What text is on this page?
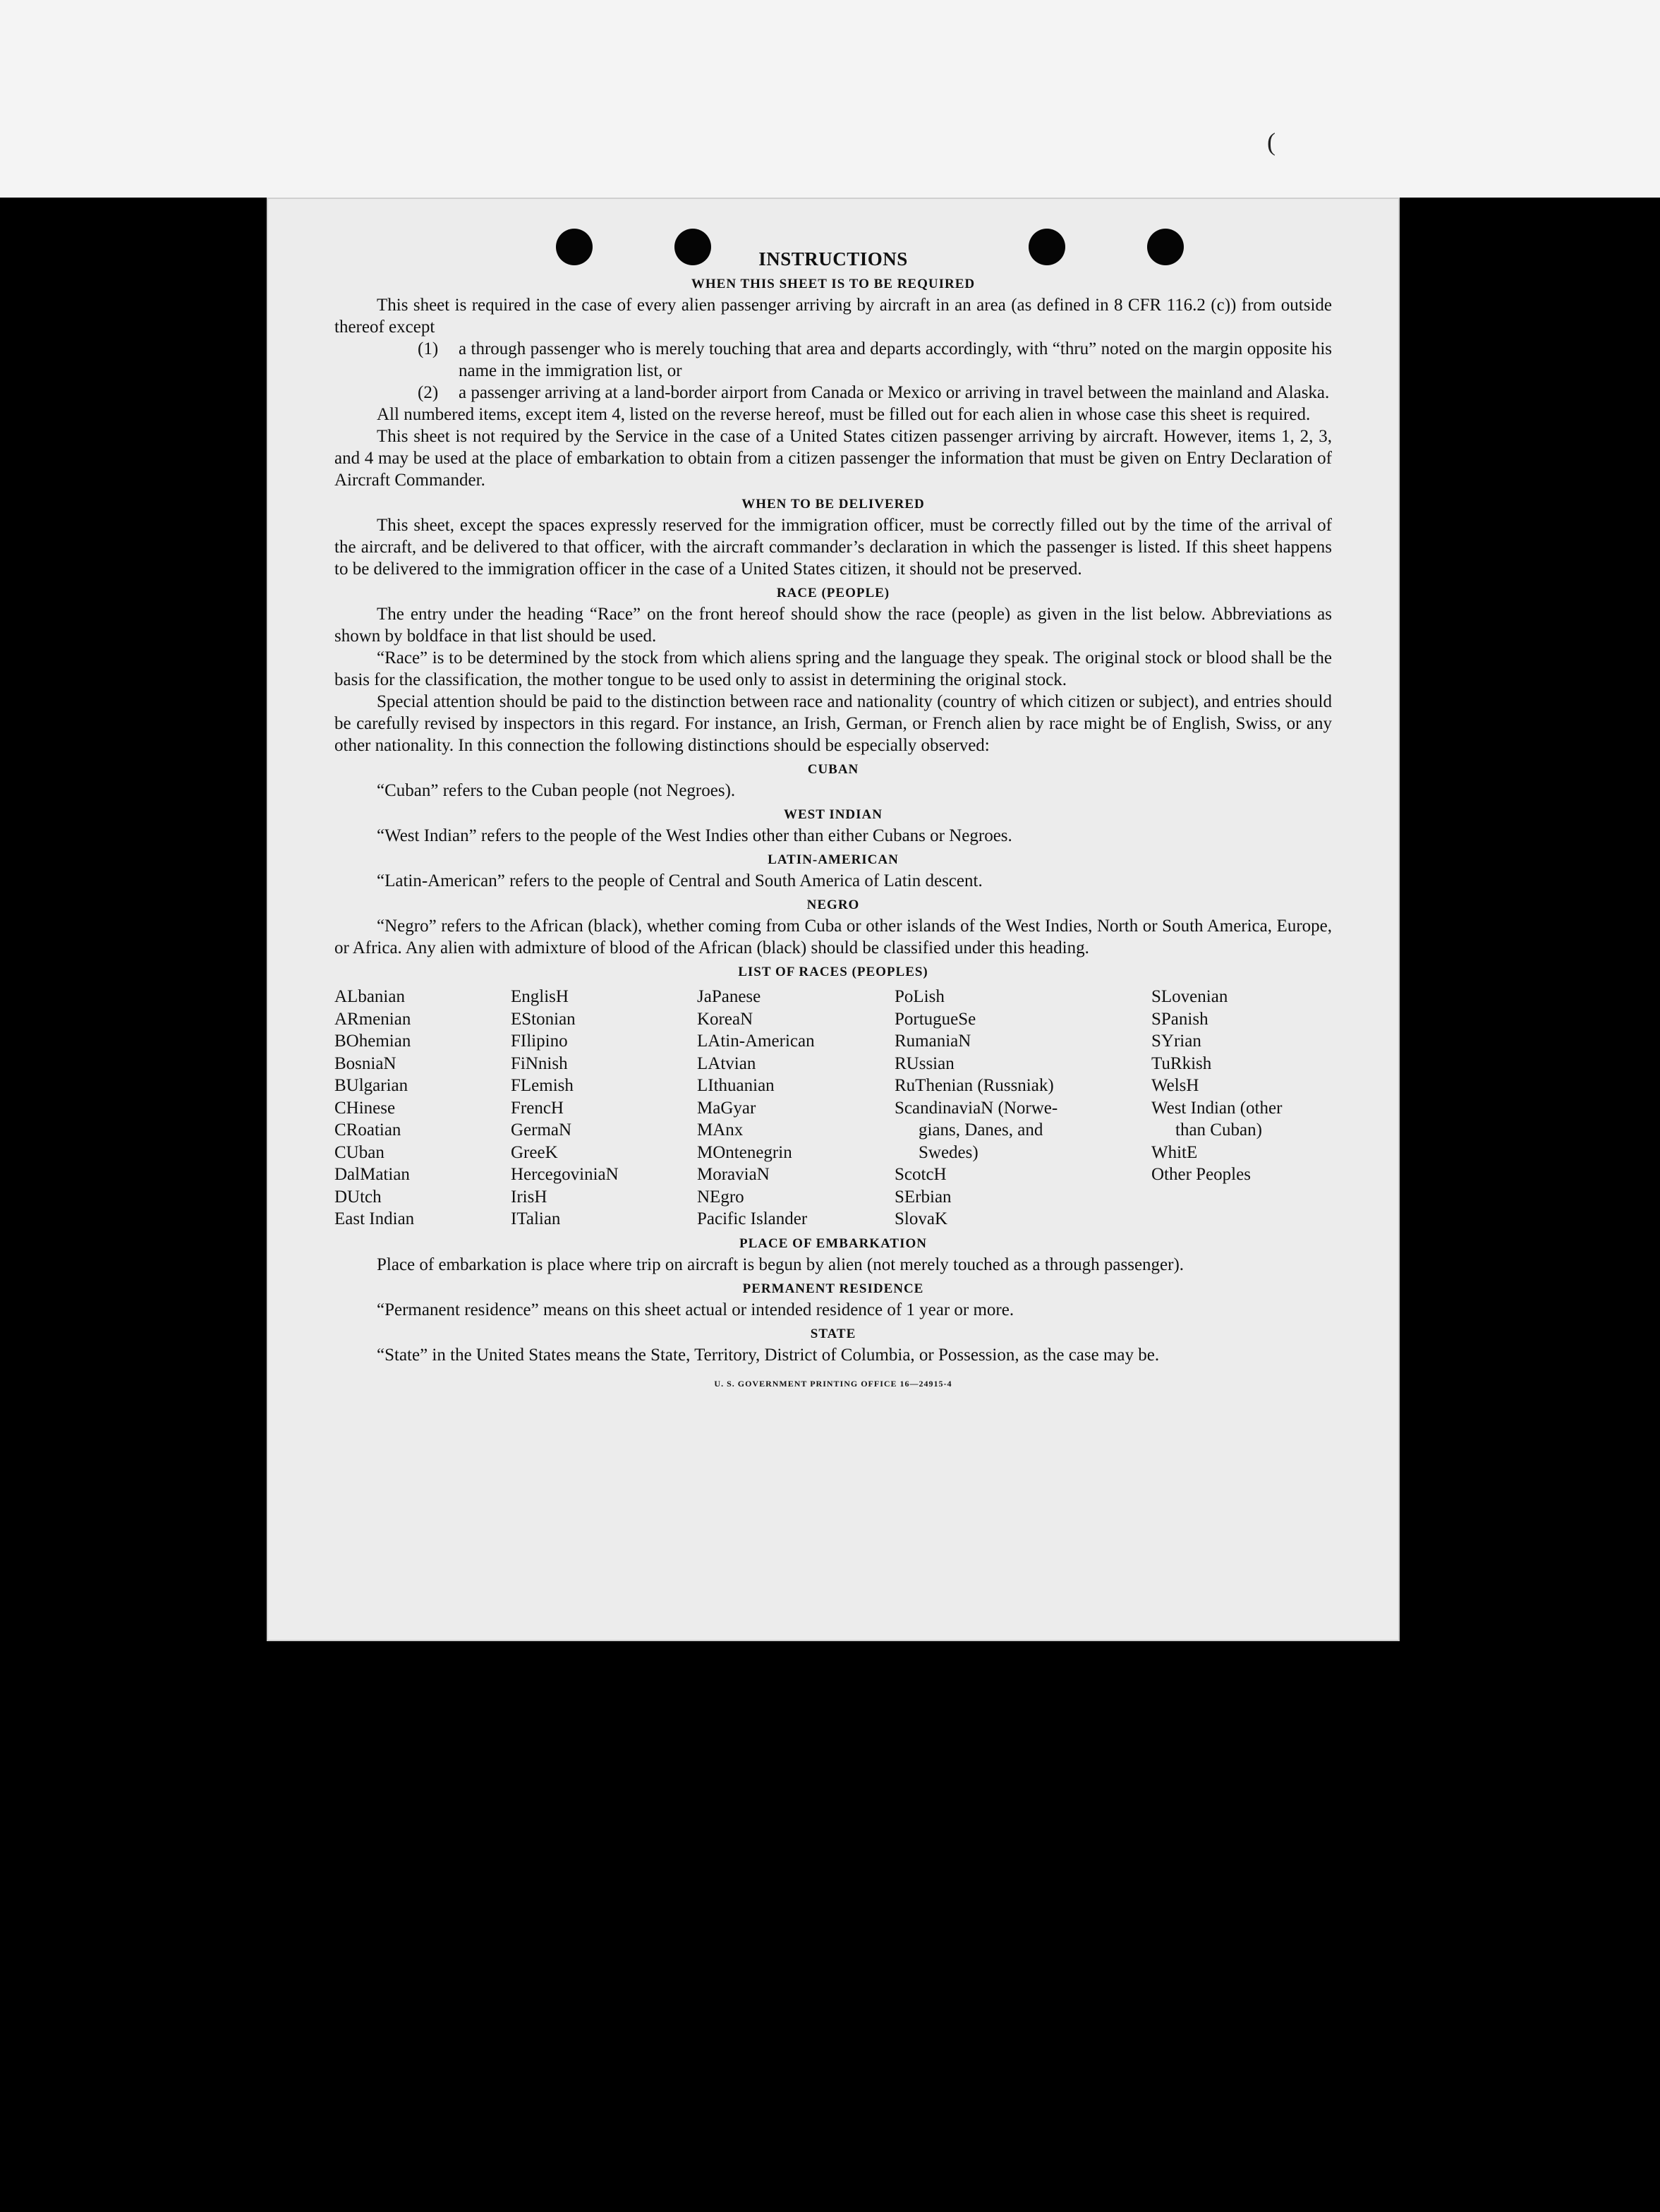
(
INSTRUCTIONS
WHEN THIS SHEET IS TO BE REQUIRED

This sheet is required in the case of every alien passenger arriving by aircraft in an area (as defined in 8 CFR 116.2 (c)) from outside thereof except

(1) a through passenger who is merely touching that area and departs accordingly, with “thru” noted on the margin opposite his name in the immigration list, or
(2) a passenger arriving at a land-border airport from Canada or Mexico or arriving in travel between the mainland and Alaska.

All numbered items, except item 4, listed on the reverse hereof, must be filled out for each alien in whose case this sheet is required.

This sheet is not required by the Service in the case of a United States citizen passenger arriving by aircraft. However, items 1, 2, 3, and 4 may be used at the place of embarkation to obtain from a citizen passenger the information that must be given on Entry Declaration of Aircraft Commander.

WHEN TO BE DELIVERED

This sheet, except the spaces expressly reserved for the immigration officer, must be correctly filled out by the time of the arrival of the aircraft, and be delivered to that officer, with the aircraft commander’s declaration in which the passenger is listed. If this sheet happens to be delivered to the immigration officer in the case of a United States citizen, it should not be preserved.

RACE (PEOPLE)

The entry under the heading “Race” on the front hereof should show the race (people) as given in the list below. Abbreviations as shown by boldface in that list should be used.

“Race” is to be determined by the stock from which aliens spring and the language they speak. The original stock or blood shall be the basis for the classification, the mother tongue to be used only to assist in determining the original stock.

Special attention should be paid to the distinction between race and nationality (country of which citizen or subject), and entries should be carefully revised by inspectors in this regard. For instance, an Irish, German, or French alien by race might be of English, Swiss, or any other nationality. In this connection the following distinctions should be especially observed:

CUBAN

“Cuban” refers to the Cuban people (not Negroes).

WEST INDIAN

“West Indian” refers to the people of the West Indies other than either Cubans or Negroes.

LATIN-AMERICAN

“Latin-American” refers to the people of Central and South America of Latin descent.

NEGRO

“Negro” refers to the African (black), whether coming from Cuba or other islands of the West Indies, North or South America, Europe, or Africa. Any alien with admixture of blood of the African (black) should be classified under this heading.

LIST OF RACES (PEOPLES)
ALbanian
ARmenian
BOhemian
BosniaN
BUlgarian
CHinese
CRoatian
CUban
DalMatian
DUtch
East Indian
EnglisH
EStonian
FIlipino
FiNnish
FLemish
FrencH
GermaN
GreeK
HercegoviniaN
IrisH
ITalian
JaPanese
KoreaN
LAtin-American
LAtvian
LIthuanian
MaGyar
MAnx
MOntenegrin
MoraviaN
NEgro
Pacific Islander
PoLish
PortugueSe
RumaniaN
RUssian
RuThenian (Russniak)
ScandinaviaN (Norwe-
gians, Danes, and
Swedes)
ScotcH
SErbian
SlovaK
SLovenian
SPanish
SYrian
TuRkish
WelsH
West Indian (other
than Cuban)
WhitE
Other Peoples
PLACE OF EMBARKATION

Place of embarkation is place where trip on aircraft is begun by alien (not merely touched as a through passenger).

PERMANENT RESIDENCE

“Permanent residence” means on this sheet actual or intended residence of 1 year or more.

STATE

“State” in the United States means the State, Territory, District of Columbia, or Possession, as the case may be.

U. S. GOVERNMENT PRINTING OFFICE 16—24915-4
